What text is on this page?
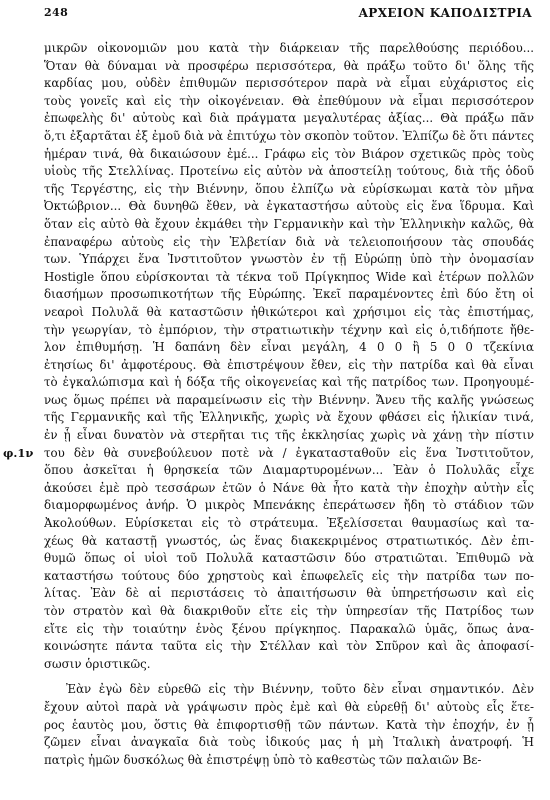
248	ΑΡΧΕΙΟΝ ΚΑΠΟΔΙΣΤΡΙΑ
φ.1ν
μικρῶν οἰκονομιῶν μου κατὰ τὴν διάρκειαν τῆς παρελθούσης περιόδου...
Ὅταν θὰ δύναμαι νὰ προσφέρω περισσότερα, θὰ πράξω τοῦτο δι' ὅλης τῆς
καρδίας μου, οὐδὲν ἐπιθυμῶν περισσότερον παρὰ νὰ εἶμαι εὐχάριστος εἰς
τοὺς γονεῖς καὶ εἰς τὴν οἰκογένειαν. Θὰ ἐπεθύμουν νὰ εἶμαι περισσότερον
ἐπωφελὴς δι' αὐτοὺς καὶ διὰ πράγματα μεγαλυτέρας ἀξίας... Θὰ πράξω πᾶν
ὅ,τι ἐξαρτᾶται ἐξ ἐμοῦ διὰ νὰ ἐπιτύχω τὸν σκοπὸν τοῦτον. Ἐλπίζω δὲ ὅτι πάντες
ἡμέραν τινά, θὰ δικαιώσουν ἐμέ... Γράφω εἰς τὸν Βιάρον σχετικῶς πρὸς τοὺς
υἱοὺς τῆς Στελλίνας. Προτείνω εἰς αὐτὸν νὰ ἀποστείλῃ τούτους, διὰ τῆς ὁδοῦ
τῆς Τεργέστης, εἰς τὴν Βιέννην, ὅπου ἐλπίζω νὰ εὑρίσκωμαι κατὰ τὸν μῆνα
Ὀκτώβριον... Θὰ δυνηθῶ ἔθεν, νὰ ἐγκαταστήσω αὐτοὺς εἰς ἕνα ἵδρυμα. Καὶ
ὅταν εἰς αὐτὸ θὰ ἔχουν ἐκμάθει τὴν Γερμανικὴν καὶ τὴν Ἑλληνικὴν καλῶς, θὰ
ἐπαναφέρω αὐτοὺς εἰς τὴν Ἑλβετίαν διὰ νὰ τελειοποιήσουν τὰς σπουδάς
των. Ὑπάρχει ἕνα Ἰνστιτοῦτον γνωστὸν ἐν τῇ Εὐρώπῃ ὑπὸ τὴν ὀνομασίαν
Hostigle ὅπου εὑρίσκονται τὰ τέκνα τοῦ Πρίγκηπος Wide καὶ ἑτέρων πολλῶν
διασήμων προσωπικοτήτων τῆς Εὐρώπης. Ἐκεῖ παραμένοντες ἐπὶ δύο ἔτη οἱ
νεαροὶ Πολυλᾶ θὰ καταστῶσιν ἠθικώτεροι καὶ χρήσιμοι εἰς τὰς ἐπιστήμας,
τὴν γεωργίαν, τὸ ἐμπόριον, τὴν στρατιωτικὴν τέχνην καὶ εἰς ὁ,τιδήποτε ἤθε-
λον ἐπιθυμήσῃ. Ἡ δαπάνη δὲν εἶναι μεγάλη, 4 0 0 ἢ 5 0 0 τζεκίνια
ἐτησίως δι' ἀμφοτέρους. Θὰ ἐπιστρέψουν ἔθεν, εἰς τὴν πατρίδα καὶ θὰ εἶναι
τὸ ἐγκαλώπισμα καὶ ἡ δόξα τῆς οἰκογενείας καὶ τῆς πατρίδος των. Προηγουμέ-
νως ὅμως πρέπει νὰ παραμείνωσιν εἰς τὴν Βιέννην. Ἄνευ τῆς καλῆς γνώσεως
τῆς Γερμανικῆς καὶ τῆς Ἑλληνικῆς, χωρὶς νὰ ἔχουν φθάσει εἰς ἡλικίαν τινά,
ἐν ᾗ εἶναι δυνατὸν νὰ στερῆται τις τῆς ἐκκλησίας χωρὶς νὰ χάνῃ τὴν πίστιν
του δὲν θὰ συνεβούλευον ποτὲ νὰ / ἐγκατασταθοῦν εἰς ἕνα Ἰνστιτοῦτον,
ὅπου ἀσκεῖται ἡ θρησκεία τῶν Διαμαρτυρομένων... Ἐὰν ὁ Πολυλᾶς εἶχε
ἀκούσει ἐμὲ πρὸ τεσσάρων ἐτῶν ὁ Νάνε θὰ ἦτο κατὰ τὴν ἐποχὴν αὐτὴν εἷς
διαμορφωμένος ἀνήρ. Ὁ μικρὸς Μπενάκης ἐπεράτωσεν ἤδη τὸ στάδιον τῶν
Ἀκολούθων. Εὑρίσκεται εἰς τὸ στράτευμα. Ἐξελίσσεται θαυμασίως καὶ τα-
χέως θὰ καταστῇ γνωστός, ὡς ἕνας διακεκριμένος στρατιωτικός. Δὲν ἐπι-
θυμῶ ὅπως οἱ υἱοὶ τοῦ Πολυλᾶ καταστῶσιν δύο στρατιῶται. Ἐπιθυμῶ νὰ
καταστήσω τούτους δύο χρηστοὺς καὶ ἐπωφελεῖς εἰς τὴν πατρίδα των πο-
λίτας. Ἐὰν δὲ αἱ περιστάσεις τὸ ἀπαιτήσωσιν θὰ ὑπηρετήσωσιν καὶ εἰς
τὸν στρατὸν καὶ θὰ διακριθοῦν εἴτε εἰς τὴν ὑπηρεσίαν τῆς Πατρίδος των
εἴτε εἰς τὴν τοιαύτην ἑνὸς ξένου πρίγκηπος. Παρακαλῶ ὑμᾶς, ὅπως ἀνα-
κοινώσητε πάντα ταῦτα εἰς τὴν Στέλλαν καὶ τὸν Σπῦρον καὶ ἂς ἀποφασί-
σωσιν ὁριστικῶς.
Ἐὰν ἐγὼ δὲν εὑρεθῶ εἰς τὴν Βιέννην, τοῦτο δὲν εἶναι σημαντικόν. Δὲν
ἔχουν αὐτοὶ παρὰ νὰ γράψωσιν πρὸς ἐμὲ καὶ θὰ εὑρεθῇ δι' αὐτοὺς εἷς ἕτε-
ρος ἑαυτὸς μου, ὅστις θὰ ἐπιφορτισθῇ τῶν πάντων. Κατὰ τὴν ἐποχήν, ἐν ᾗ
ζῶμεν εἶναι ἀναγκαῖα διὰ τοὺς ἰδικούς μας ἡ μὴ Ἰταλικὴ ἀνατροφή. Ἡ
πατρὶς ἡμῶν δυσκόλως θὰ ἐπιστρέψῃ ὑπὸ τὸ καθεστὼς τῶν παλαιῶν Βε-
